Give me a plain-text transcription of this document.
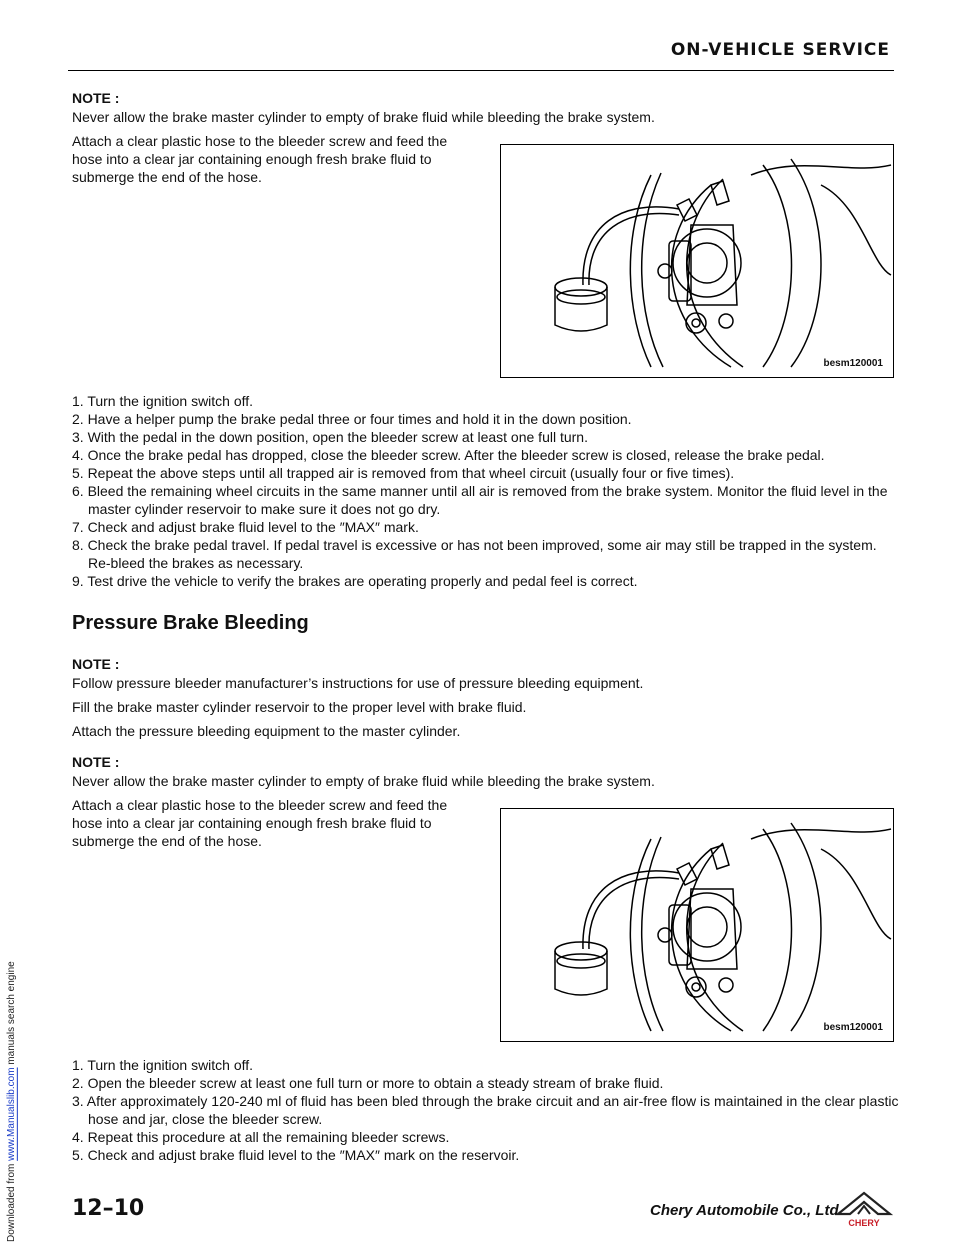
Downloaded from www.Manualslib.com manuals search engine
ON-VEHICLE SERVICE
NOTE :
Never allow the brake master cylinder to empty of brake fluid while bleeding the brake system.
Attach a clear plastic hose to the bleeder screw and feed the hose into a clear jar containing enough fresh brake fluid to submerge the end of the hose.
besm120001
1. Turn the ignition switch off.
2. Have a helper pump the brake pedal three or four times and hold it in the down position.
3. With the pedal in the down position, open the bleeder screw at least one full turn.
4. Once the brake pedal has dropped, close the bleeder screw. After the bleeder screw is closed, release the brake pedal.
5. Repeat the above steps until all trapped air is removed from that wheel circuit (usually four or five times).
6. Bleed the remaining wheel circuits in the same manner until all air is removed from the brake system. Monitor the fluid level in the master cylinder reservoir to make sure it does not go dry.
7. Check and adjust brake fluid level to the ″MAX″ mark.
8. Check the brake pedal travel. If pedal travel is excessive or has not been improved, some air may still be trapped in the system. Re-bleed the brakes as necessary.
9. Test drive the vehicle to verify the brakes are operating properly and pedal feel is correct.
Pressure Brake Bleeding
NOTE :
Follow pressure bleeder manufacturer’s instructions for use of pressure bleeding equipment.
Fill the brake master cylinder reservoir to the proper level with brake fluid.
Attach the pressure bleeding equipment to the master cylinder.
NOTE :
Never allow the brake master cylinder to empty of brake fluid while bleeding the brake system.
Attach a clear plastic hose to the bleeder screw and feed the hose into a clear jar containing enough fresh brake fluid to submerge the end of the hose.
besm120001
1. Turn the ignition switch off.
2. Open the bleeder screw at least one full turn or more to obtain a steady stream of brake fluid.
3. After approximately 120-240 ml of fluid has been bled through the brake circuit and an air-free flow is maintained in the clear plastic hose and jar, close the bleeder screw.
4. Repeat this procedure at all the remaining bleeder screws.
5. Check and adjust brake fluid level to the ″MAX″ mark on the reservoir.
12–10	Chery Automobile Co., Ltd.
CHERY
